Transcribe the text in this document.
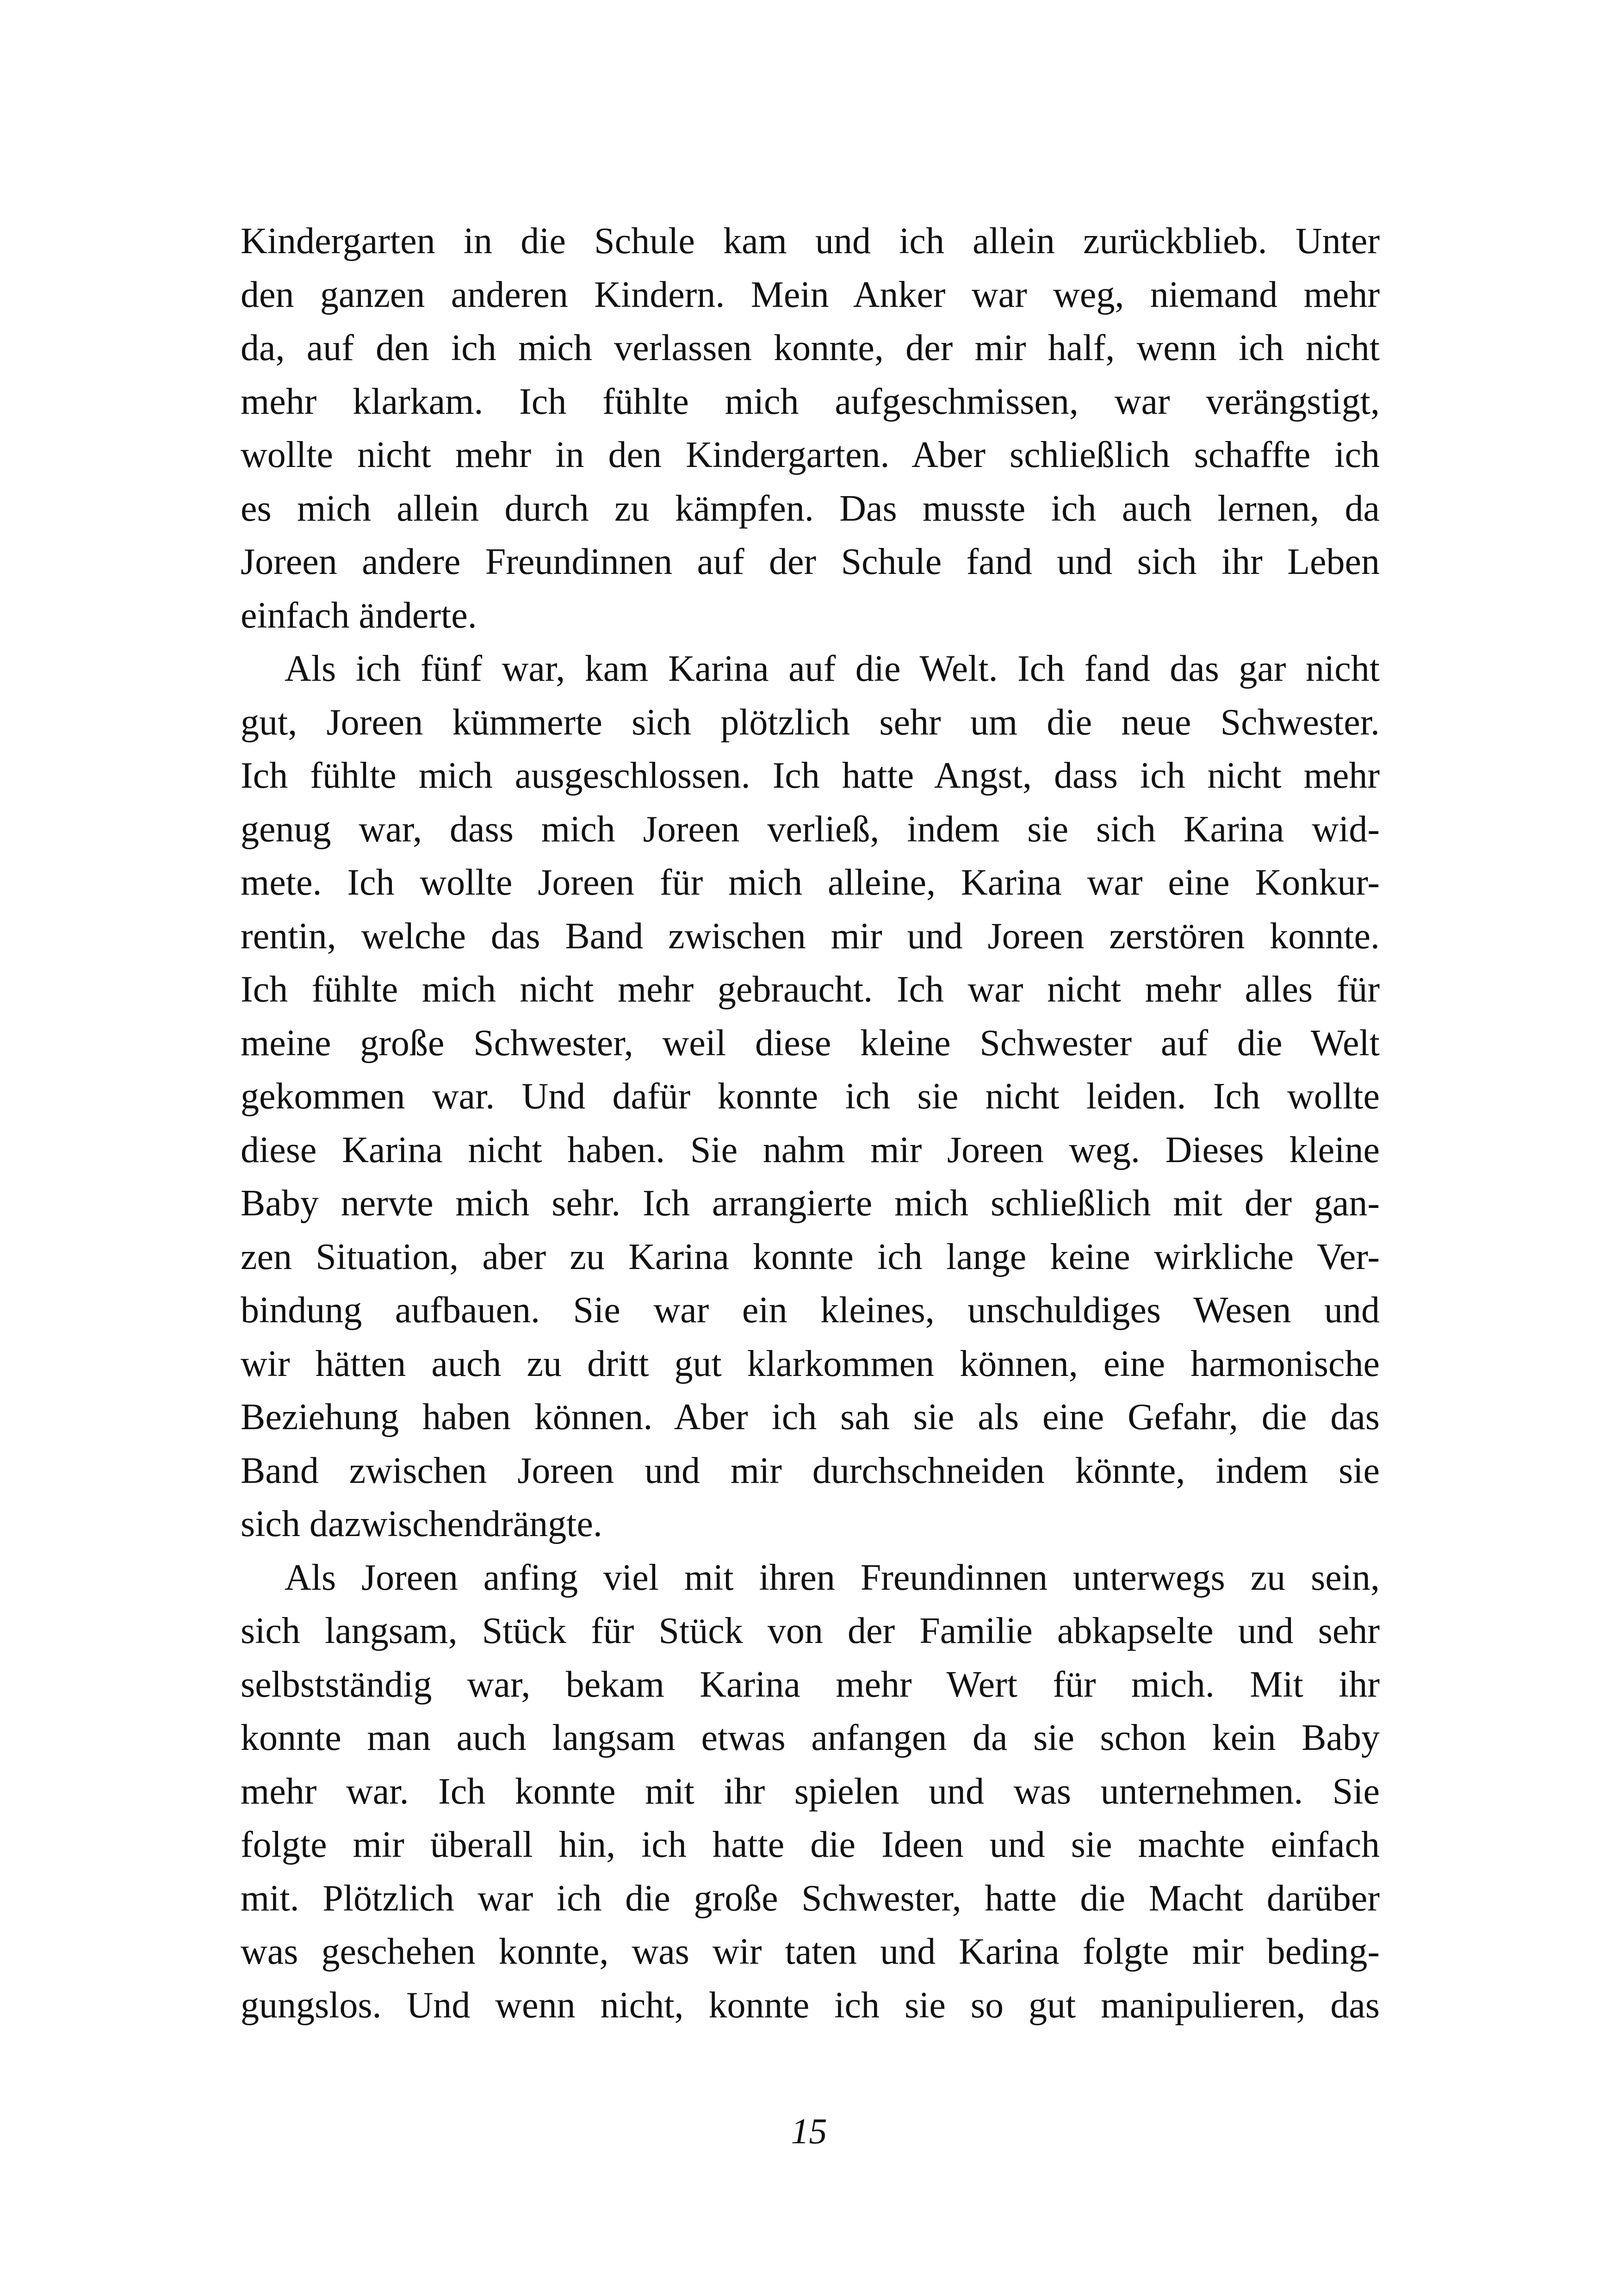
Kindergarten in die Schule kam und ich allein zurückblieb. Unter
den ganzen anderen Kindern. Mein Anker war weg, niemand mehr
da, auf den ich mich verlassen konnte, der mir half, wenn ich nicht
mehr klarkam. Ich fühlte mich aufgeschmissen, war verängstigt,
wollte nicht mehr in den Kindergarten. Aber schließlich schaffte ich
es mich allein durch zu kämpfen. Das musste ich auch lernen, da
Joreen andere Freundinnen auf der Schule fand und sich ihr Leben
einfach änderte.
Als ich fünf war, kam Karina auf die Welt. Ich fand das gar nicht
gut, Joreen kümmerte sich plötzlich sehr um die neue Schwester.
Ich fühlte mich ausgeschlossen. Ich hatte Angst, dass ich nicht mehr
genug war, dass mich Joreen verließ, indem sie sich Karina wid-
mete. Ich wollte Joreen für mich alleine, Karina war eine Konkur-
rentin, welche das Band zwischen mir und Joreen zerstören konnte.
Ich fühlte mich nicht mehr gebraucht. Ich war nicht mehr alles für
meine große Schwester, weil diese kleine Schwester auf die Welt
gekommen war. Und dafür konnte ich sie nicht leiden. Ich wollte
diese Karina nicht haben. Sie nahm mir Joreen weg. Dieses kleine
Baby nervte mich sehr. Ich arrangierte mich schließlich mit der gan-
zen Situation, aber zu Karina konnte ich lange keine wirkliche Ver-
bindung aufbauen. Sie war ein kleines, unschuldiges Wesen und
wir hätten auch zu dritt gut klarkommen können, eine harmonische
Beziehung haben können. Aber ich sah sie als eine Gefahr, die das
Band zwischen Joreen und mir durchschneiden könnte, indem sie
sich dazwischendrängte.
Als Joreen anfing viel mit ihren Freundinnen unterwegs zu sein,
sich langsam, Stück für Stück von der Familie abkapselte und sehr
selbstständig war, bekam Karina mehr Wert für mich. Mit ihr
konnte man auch langsam etwas anfangen da sie schon kein Baby
mehr war. Ich konnte mit ihr spielen und was unternehmen. Sie
folgte mir überall hin, ich hatte die Ideen und sie machte einfach
mit. Plötzlich war ich die große Schwester, hatte die Macht darüber
was geschehen konnte, was wir taten und Karina folgte mir beding-
gungslos. Und wenn nicht, konnte ich sie so gut manipulieren, das
15
